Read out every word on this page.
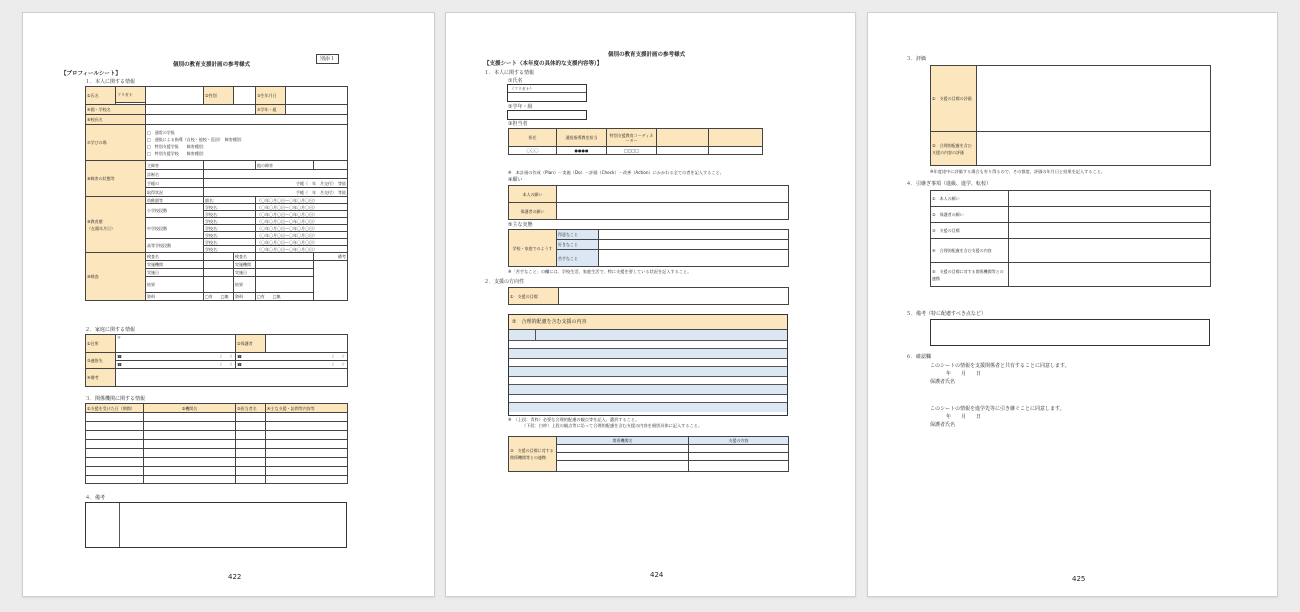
個別の教育支援計画の参考様式
別添１
【プロフィールシート】
１．本人に関する情報
①氏名	フリガナ		②性別		③生年月日		

④園・学校名					⑤学年・組		
⑥校長名							
⑦学びの場		□　通常の学級
□　通級による指導（自校・他校・巡回）　障害種別：
□　特別支援学級　　障害種別：
□　特別支援学校　　障害種別：					

⑧障害の状態等		主障害			他の障害		
		診断名					
		手帳の	手帳（　年　月交付）　等級				
		取得状況	手帳（　年　月交付）　等級				

⑨教育歴
（在籍年月日）		幼稚園等	園名：		（〇年〇月〇日～〇年〇月〇日）		
		小学校段階	学校名：		（〇年〇月〇日～〇年〇月〇日）		
			学校名：		（〇年〇月〇日～〇年〇月〇日）		
		中学校段階	学校名：		（〇年〇月〇日～〇年〇月〇日）		
			学校名：		（〇年〇月〇日～〇年〇月〇日）		
			学校名：		（〇年〇月〇日～〇年〇月〇日）		
		高等学校段階	学校名：		（〇年〇月〇日～〇年〇月〇日）		
			学校名：		（〇年〇月〇日～〇年〇月〇日）		
⑩検査		検査名		検査名			備考
		実施機関		実施機関			
		実施日		実施日			
		結果		結果			
		資料	□有　　□無	資料	□有　　□無		
２．家庭に関する情報
①住所	〒	②保護者	
③連絡先	☎ （　　）	☎ （　　）	

	☎ （　　）	☎ （　　）	

④備考			
３．関係機関に関する情報
①支援を受けた日（期間）	②機関名	③担当者名	④主な支援・訪問等内容等

４．備考
422
個別の教育支援計画の参考様式
【支援シート（本年度の具体的な支援内容等）】
１．本人に関する情報
①氏名
（フリガナ）
②学年・組
③担当者
担任	通級指導教室担当	特別支援教育コーディネーター		
〇〇〇	●●●●	□□□□		
※　本計画の作成（Plan）－実施（Do）－評価（Check）－改善（Action）にかかわる全ての者を記入すること。
④願い
本人の願い	
保護者の願い	
⑤主な実態
学校・家庭でのようす	得意なこと	
	好きなこと	
	苦手なこと	
※「苦手なこと」の欄には、学校生活、家庭生活で、特に支援を要している状況を記入すること。
２．支援の方向性
①　支援の目標	
②　合理的配慮を含む支援の内容
※　（上段：青枠）必要な合理的配慮の観点等を記入、選択すること。
（下段：白枠）上段の観点等に沿って合理的配慮を含む支援の内容を個別具体に記入すること。
③　支援の目標に対する関係機関等との連携	関係機関名	支援の内容

424
３．評価
①　支援の目標の評価	
②　合理的配慮を含む支援の内容の評価	
※年度途中に評価する場合も有り得るので、その都度、評価の年月日と結果を記入すること。
４．引継ぎ事項（進級、進学、転校）
①　本人の願い	
②　保護者の願い	
③　支援の目標	
④　合理的配慮を含む支援の内容	
⑤　支援の目標に対する関係機関等との連携	
５．備考（特に配慮すべき点など）
６．確認欄
このシートの情報を支援関係者と共有することに同意します。
年　　月　　日
保護者氏名
このシートの情報を進学先等に引き継ぐことに同意します。
年　　月　　日
保護者氏名
425
